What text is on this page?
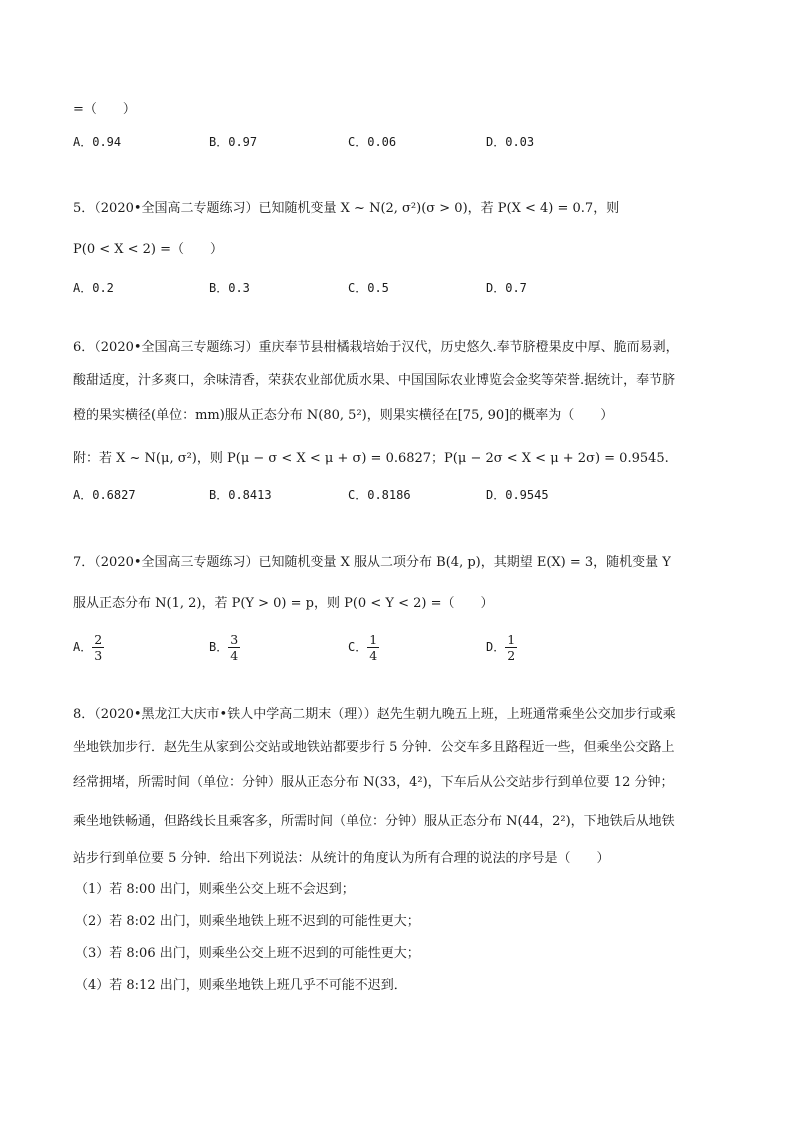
=（　　）
A．0.94	B．0.97	C．0.06	D．0.03
5．（2020•全国高二专题练习）已知随机变量 X ~ N(2, σ²)(σ > 0)，若 P(X < 4) = 0.7，则
P(0 < X < 2) =（　　）
A．0.2	B．0.3	C．0.5	D．0.7
6．（2020•全国高三专题练习）重庆奉节县柑橘栽培始于汉代，历史悠久.奉节脐橙果皮中厚、脆而易剥，
酸甜适度，汁多爽口，余味清香，荣获农业部优质水果、中国国际农业博览会金奖等荣誉.据统计，奉节脐
橙的果实横径(单位：mm)服从正态分布 N(80, 5²)，则果实横径在[75, 90]的概率为（　　）
附：若 X ~ N(μ, σ²)，则 P(μ − σ < X < μ + σ) = 0.6827；P(μ − 2σ < X < μ + 2σ) = 0.9545.
A．0.6827	B．0.8413	C．0.8186	D．0.9545
7．（2020•全国高三专题练习）已知随机变量 X 服从二项分布 B(4, p)，其期望 E(X) = 3，随机变量 Y
服从正态分布 N(1, 2)，若 P(Y > 0) = p，则 P(0 < Y < 2) =（　　）
A． $\frac{2}{3}$	B． $\frac{3}{4}$	C． $\frac{1}{4}$	D． $\frac{1}{2}$
8．（2020•黑龙江大庆市•铁人中学高二期末（理））赵先生朝九晚五上班，上班通常乘坐公交加步行或乘
坐地铁加步行．赵先生从家到公交站或地铁站都要步行 5 分钟．公交车多且路程近一些，但乘坐公交路上
经常拥堵，所需时间（单位：分钟）服从正态分布 N(33，4²)，下车后从公交站步行到单位要 12 分钟；
乘坐地铁畅通，但路线长且乘客多，所需时间（单位：分钟）服从正态分布 N(44，2²)，下地铁后从地铁
站步行到单位要 5 分钟．给出下列说法：从统计的角度认为所有合理的说法的序号是（　　）
（1）若 8:00 出门，则乘坐公交上班不会迟到；
（2）若 8:02 出门，则乘坐地铁上班不迟到的可能性更大；
（3）若 8:06 出门，则乘坐公交上班不迟到的可能性更大；
（4）若 8:12 出门，则乘坐地铁上班几乎不可能不迟到．
